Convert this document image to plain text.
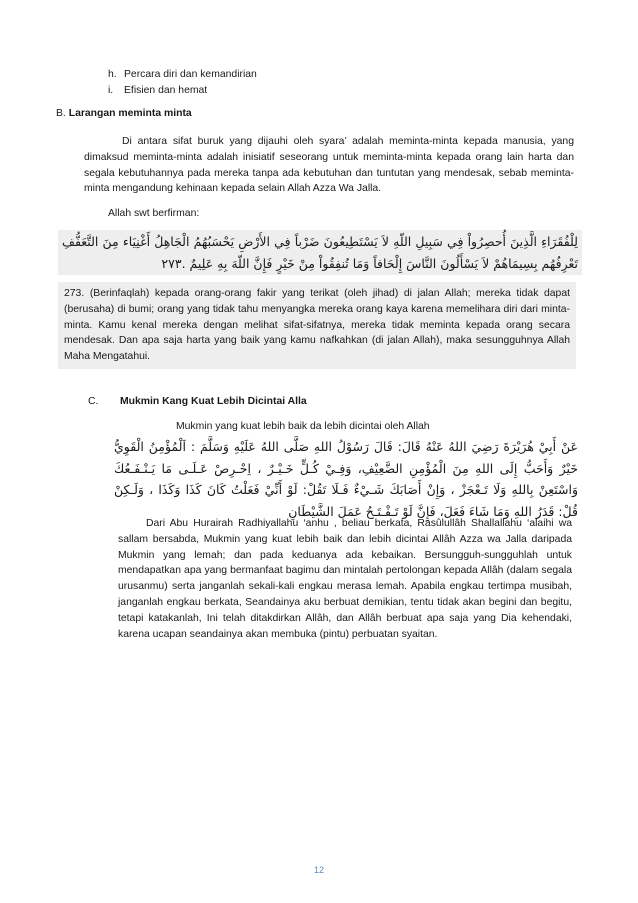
h. Percara diri dan kemandirian
i. Efisien dan hemat
B. Larangan meminta minta
Di antara sifat buruk yang dijauhi oleh syara’ adalah meminta-minta kepada manusia, yang dimaksud meminta-minta adalah inisiatif seseorang untuk meminta-minta kepada orang lain harta dan segala kebutuhannya pada mereka tanpa ada kebutuhan dan tuntutan yang mendesak, sebab meminta-minta mengandung kehinaan kepada selain Allah Azza Wa Jalla.
Allah swt berfirman:
لِلْفُقَرَاءِ الَّذِينَ أُحصِرُواْ فِي سَبِيلِ اللّهِ لاَ يَسْتَطِيعُونَ ضَرْباً فِي الأَرْضِ يَحْسَبُهُمُ الْجَاهِلُ أَغْنِيَاء مِنَ التَّعَفُّفِ تَعْرِفُهُم بِسِيمَاهُمْ لاَ يَسْأَلُونَ النَّاسَ إِلْحَافاً وَمَا تُنفِقُواْ مِنْ خَيْرٍ فَإِنَّ اللّهَ بِهِ عَلِيمٌ .٢٧٣
273. (Berinfaqlah) kepada orang-orang fakir yang terikat (oleh jihad) di jalan Allah; mereka tidak dapat (berusaha) di bumi; orang yang tidak tahu menyangka mereka orang kaya karena memelihara diri dari minta-minta. Kamu kenal mereka dengan melihat sifat-sifatnya, mereka tidak meminta kepada orang secara mendesak. Dan apa saja harta yang baik yang kamu nafkahkan (di jalan Allah), maka sesungguhnya Allah Maha Mengatahui.
C. Mukmin Kang Kuat Lebih Dicintai Alla
Mukmin yang kuat lebih baik da lebih dicintai oleh Allah
عَنْ أَبِيْ هُرَيْرَةَ رَضِيَ اللهُ عَنْهُ قَالَ: قَالَ رَسُوْلُ اللهِ صَلَّى اللهُ عَلَيْهِ وَسَلَّمَ : اَلْمُؤْمِنُ الْقَوِيُّ خَيْرٌ وَأَحَبُّ إِلَى اللهِ مِنَ الْمُؤْمِنِ الضَّعِيْفِ، وَفِـيْ كُـلٍّ خَـيْـرٌ ، اِحْـرِصْ عَـلَـى مَا يَـنْـفَـعُكَ وَاسْتَعِنْ بِاللهِ وَلَا تَـعْجَزْ ، وَإِنْ أَصَابَكَ شَـيْءٌ فَـلَا تَقُلْ: لَوْ أَنِّيْ فَعَلْتُ كَانَ كَذَا وَكَذَا ، وَلَـكِنْ قُلْ: قَدَرُ اللهِ وَمَا شَاءَ فَعَلَ، فَإِنَّ لَوْ تَـفْـتَـحُ عَمَلَ الشَّيْطَانِ
Dari Abu Hurairah Radhiyallahu ‘anhu , beliau berkata, Rasûlullâh Shallallahu ‘alaihi wa sallam bersabda, Mukmin yang kuat lebih baik dan lebih dicintai Allâh Azza wa Jalla daripada Mukmin yang lemah; dan pada keduanya ada kebaikan. Bersungguh-sungguhlah untuk mendapatkan apa yang bermanfaat bagimu dan mintalah pertolongan kepada Allâh (dalam segala urusanmu) serta janganlah sekali-kali engkau merasa lemah. Apabila engkau tertimpa musibah, janganlah engkau berkata, Seandainya aku berbuat demikian, tentu tidak akan begini dan begitu, tetapi katakanlah, Ini telah ditakdirkan Allâh, dan Allâh berbuat apa saja yang Dia kehendaki, karena ucapan seandainya akan membuka (pintu) perbuatan syaitan.
12
